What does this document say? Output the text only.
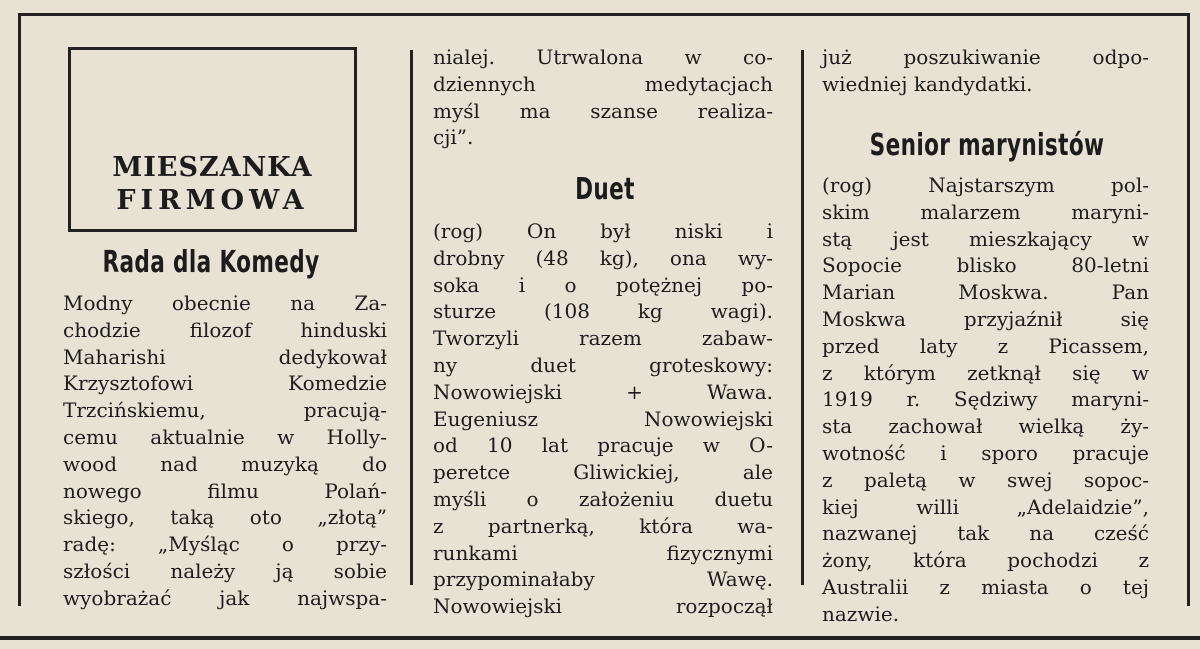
MIESZANKA
FIRMOWA
Rada dla Komedy
Duet
Senior marynistów
Modny obecnie na Za-
chodzie filozof hinduski
Maharishi dedykował
Krzysztofowi Komedzie
Trzcińskiemu, pracują-
cemu aktualnie w Holly-
wood nad muzyką do
nowego filmu Polań-
skiego, taką oto „złotą”
radę: „Myśląc o przy-
szłości należy ją sobie
wyobrażać jak najwspa-
nialej. Utrwalona w co-
dziennych medytacjach
myśl ma szanse realiza-
cji”.
(rog) On był niski i
drobny (48 kg), ona wy-
soka i o potężnej po-
sturze (108 kg wagi).
Tworzyli razem zabaw-
ny duet groteskowy:
Nowowiejski + Wawa.
Eugeniusz Nowowiejski
od 10 lat pracuje w O-
peretce Gliwickiej, ale
myśli o założeniu duetu
z partnerką, która wa-
runkami fizycznymi
przypominałaby Wawę.
Nowowiejski rozpoczął
już poszukiwanie odpo-
wiedniej kandydatki.
(rog) Najstarszym pol-
skim malarzem maryni-
stą jest mieszkający w
Sopocie blisko 80-letni
Marian Moskwa. Pan
Moskwa przyjaźnił się
przed laty z Picassem,
z którym zetknął się w
1919 r. Sędziwy maryni-
sta zachował wielką ży-
wotność i sporo pracuje
z paletą w swej sopoc-
kiej willi „Adelaidzie”,
nazwanej tak na cześć
żony, która pochodzi z
Australii z miasta o tej
nazwie.
